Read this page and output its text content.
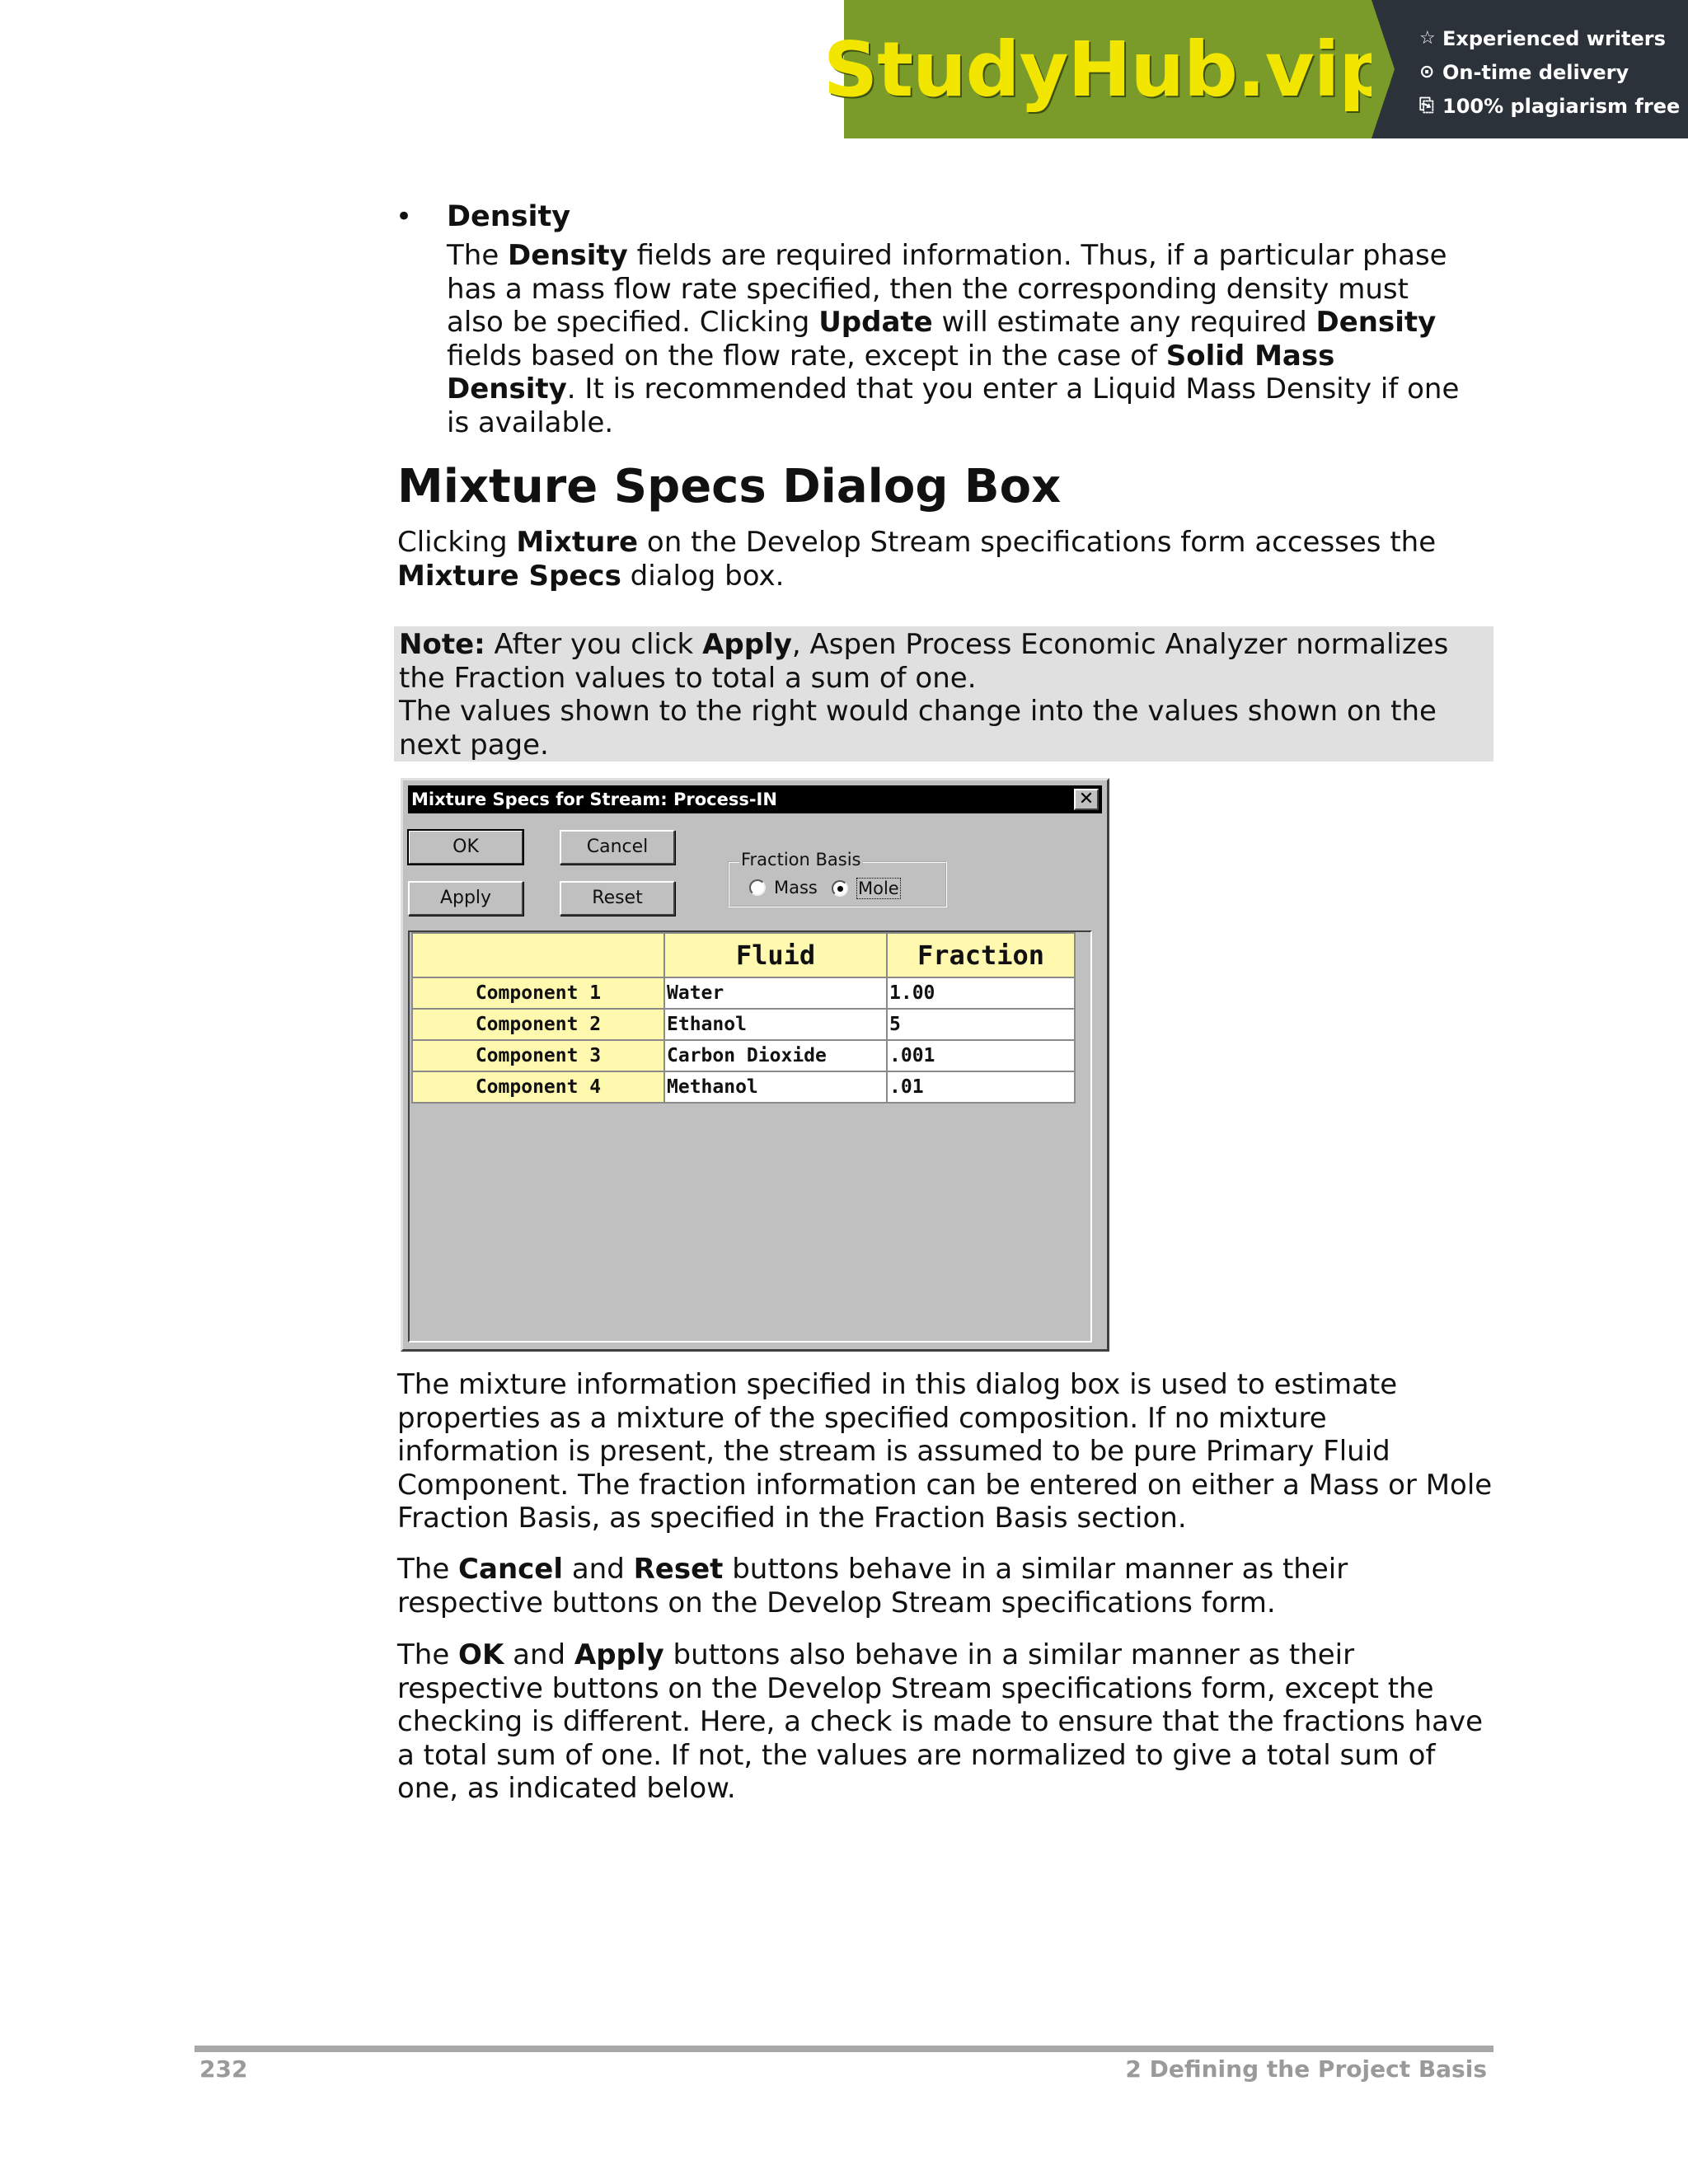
StudyHub.vip ☆ Experienced writers
⊙ On-time delivery
⎘ 100% plagiarism free
• Density
The Density fields are required information. Thus, if a particular phase has a mass flow rate specified, then the corresponding density must also be specified. Clicking Update will estimate any required Density fields based on the flow rate, except in the case of Solid Mass Density. It is recommended that you enter a Liquid Mass Density if one is available.
Mixture Specs Dialog Box
Clicking Mixture on the Develop Stream specifications form accesses the Mixture Specs dialog box.
Note: After you click Apply, Aspen Process Economic Analyzer normalizes the Fraction values to total a sum of one.
The values shown to the right would change into the values shown on the next page.
Mixture Specs for Stream: Process-IN	✕
OK	Cancel
Apply	Reset
Fraction Basis
Mass Mole
	Fluid	Fraction
Component 1	Water	1.00
Component 2	Ethanol	5
Component 3	Carbon Dioxide	.001
Component 4	Methanol	.01
The mixture information specified in this dialog box is used to estimate properties as a mixture of the specified composition. If no mixture information is present, the stream is assumed to be pure Primary Fluid Component. The fraction information can be entered on either a Mass or Mole Fraction Basis, as specified in the Fraction Basis section.
The Cancel and Reset buttons behave in a similar manner as their respective buttons on the Develop Stream specifications form.
The OK and Apply buttons also behave in a similar manner as their respective buttons on the Develop Stream specifications form, except the checking is different. Here, a check is made to ensure that the fractions have a total sum of one. If not, the values are normalized to give a total sum of one, as indicated below.
232	2 Defining the Project Basis
